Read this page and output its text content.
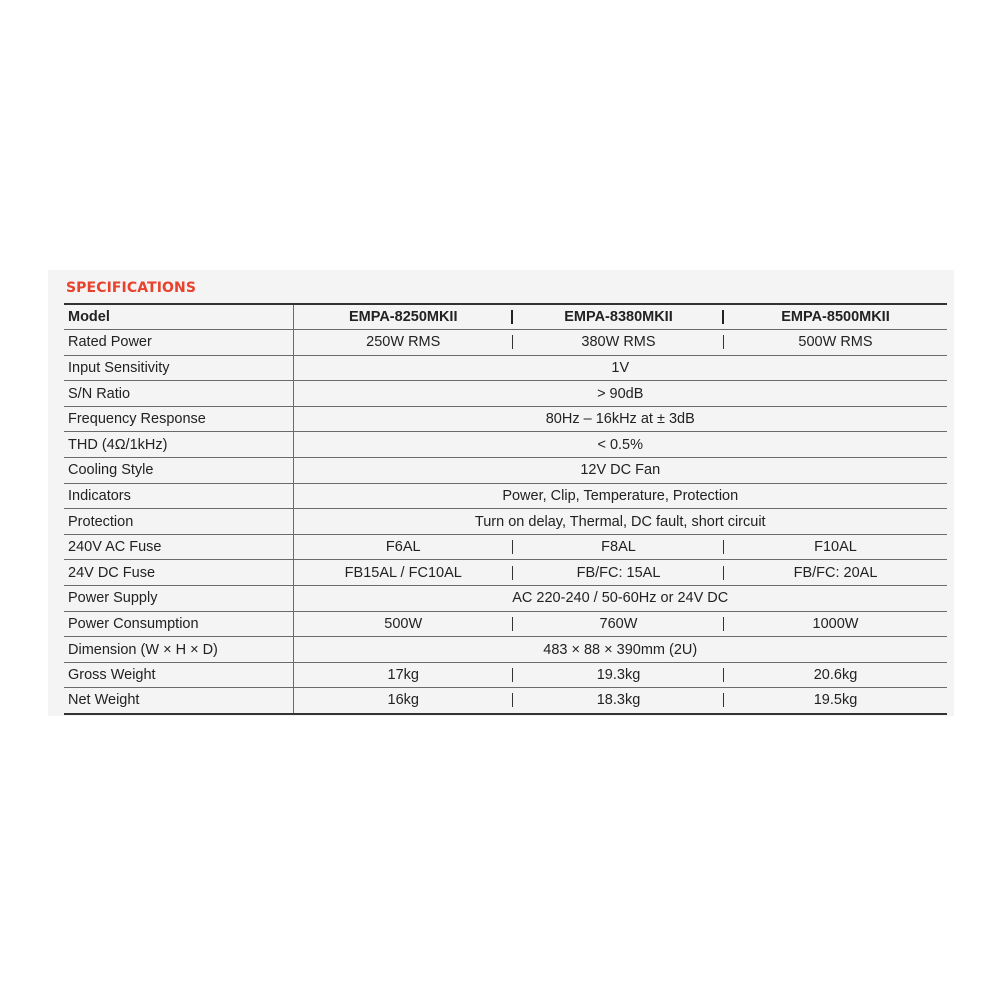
SPECIFICATIONS
Model	EMPA-8250MKII	EMPA-8380MKII	EMPA-8500MKII
Rated Power	250W RMS	380W RMS	500W RMS
Input Sensitivity	1V		
S/N Ratio	> 90dB		
Frequency Response	80Hz – 16kHz at ± 3dB		
THD (4Ω/1kHz)	< 0.5%		
Cooling Style	12V DC Fan		
Indicators	Power, Clip, Temperature, Protection		
Protection	Turn on delay, Thermal, DC fault, short circuit		
240V AC Fuse	F6AL	F8AL	F10AL
24V DC Fuse	FB15AL / FC10AL	FB/FC: 15AL	FB/FC: 20AL
Power Supply	AC 220-240 / 50-60Hz or 24V DC		
Power Consumption	500W	760W	1000W
Dimension (W × H × D)	483 × 88 × 390mm (2U)		
Gross Weight	17kg	19.3kg	20.6kg
Net Weight	16kg	18.3kg	19.5kg
